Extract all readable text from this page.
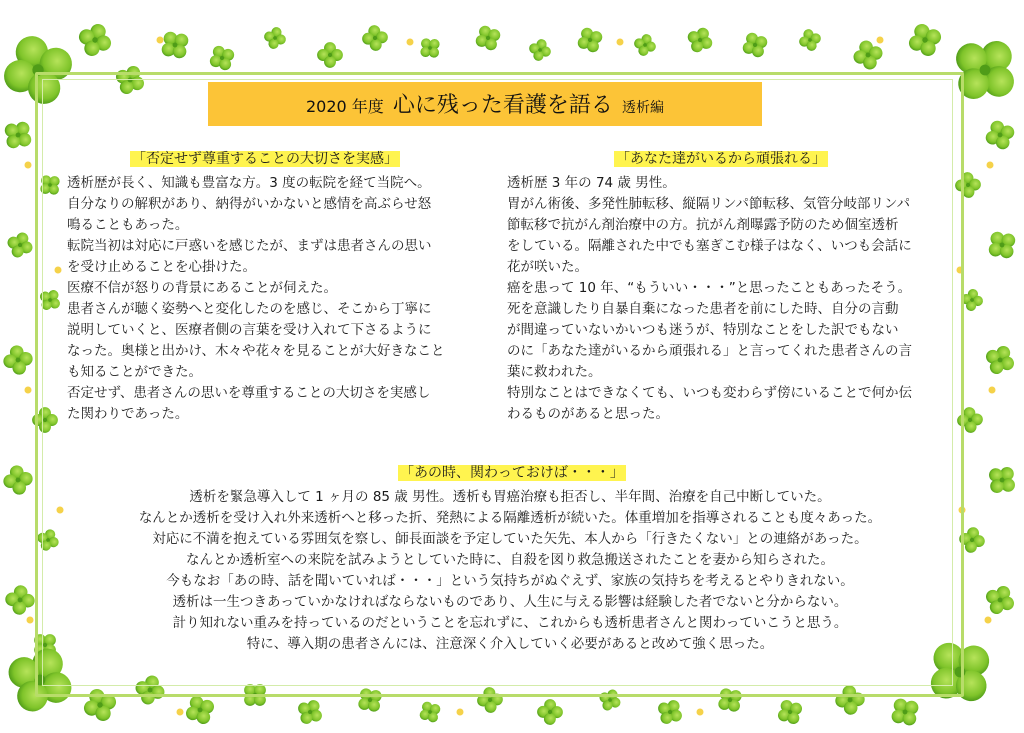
2020 年度 心に残った看護を語る 透析編
「否定せず尊重することの大切さを実感」

透析歴が長く、知識も豊富な方。3 度の転院を経て当院へ。

自分なりの解釈があり、納得がいかないと感情を高ぶらせ怒

鳴ることもあった。

転院当初は対応に戸惑いを感じたが、まずは患者さんの思い

を受け止めることを心掛けた。

医療不信が怒りの背景にあることが伺えた。

患者さんが聴く姿勢へと変化したのを感じ、そこから丁寧に

説明していくと、医療者側の言葉を受け入れて下さるように

なった。奥様と出かけ、木々や花々を見ることが大好きなこと

も知ることができた。

否定せず、患者さんの思いを尊重することの大切さを実感し

た関わりであった。

「あなた達がいるから頑張れる」

透析歴 3 年の 74 歳 男性。

胃がん術後、多発性肺転移、縦隔リンパ節転移、気管分岐部リンパ

節転移で抗がん剤治療中の方。抗がん剤曝露予防のため個室透析

をしている。隔離された中でも塞ぎこむ様子はなく、いつも会話に

花が咲いた。

癌を患って 10 年、“もういい・・・”と思ったこともあったそう。

死を意識したり自暴自棄になった患者を前にした時、自分の言動

が間違っていないかいつも迷うが、特別なことをした訳でもない

のに「あなた達がいるから頑張れる」と言ってくれた患者さんの言

葉に救われた。

特別なことはできなくても、いつも変わらず傍にいることで何か伝

わるものがあると思った。

「あの時、関わっておけば・・・」

透析を緊急導入して 1 ヶ月の 85 歳 男性。透析も胃癌治療も拒否し、半年間、治療を自己中断していた。

なんとか透析を受け入れ外来透析へと移った折、発熱による隔離透析が続いた。体重増加を指導されることも度々あった。

対応に不満を抱えている雰囲気を察し、師長面談を予定していた矢先、本人から「行きたくない」との連絡があった。

なんとか透析室への来院を試みようとしていた時に、自殺を図り救急搬送されたことを妻から知らされた。

今もなお「あの時、話を聞いていれば・・・」という気持ちがぬぐえず、家族の気持ちを考えるとやりきれない。

透析は一生つきあっていかなければならないものであり、人生に与える影響は経験した者でないと分からない。

計り知れない重みを持っているのだということを忘れずに、これからも透析患者さんと関わっていこうと思う。

特に、導入期の患者さんには、注意深く介入していく必要があると改めて強く思った。
